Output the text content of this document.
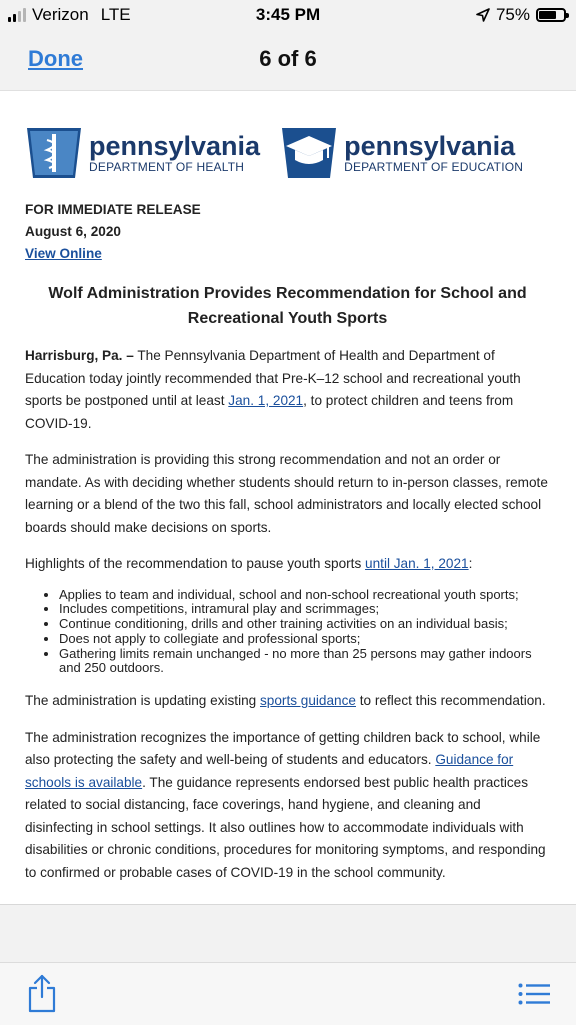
Verizon LTE	3:45 PM	75%
Done	6 of 6
pennsylvania
DEPARTMENT OF HEALTH
pennsylvania
DEPARTMENT OF EDUCATION
FOR IMMEDIATE RELEASE
August 6, 2020
View Online
Wolf Administration Provides Recommendation for School and Recreational Youth Sports

Harrisburg, Pa. – The Pennsylvania Department of Health and Department of Education today jointly recommended that Pre-K–12 school and recreational youth sports be postponed until at least Jan. 1, 2021, to protect children and teens from COVID-19.

The administration is providing this strong recommendation and not an order or mandate. As with deciding whether students should return to in-person classes, remote learning or a blend of the two this fall, school administrators and locally elected school boards should make decisions on sports.

Highlights of the recommendation to pause youth sports until Jan. 1, 2021:

• Applies to team and individual, school and non-school recreational youth sports;
• Includes competitions, intramural play and scrimmages;
• Continue conditioning, drills and other training activities on an individual basis;
• Does not apply to collegiate and professional sports;
• Gathering limits remain unchanged - no more than 25 persons may gather indoors and 250 outdoors.

The administration is updating existing sports guidance to reflect this recommendation.

The administration recognizes the importance of getting children back to school, while also protecting the safety and well-being of students and educators. Guidance for schools is available. The guidance represents endorsed best public health practices related to social distancing, face coverings, hand hygiene, and cleaning and disinfecting in school settings. It also outlines how to accommodate individuals with disabilities or chronic conditions, procedures for monitoring symptoms, and responding to confirmed or probable cases of COVID-19 in the school community.
